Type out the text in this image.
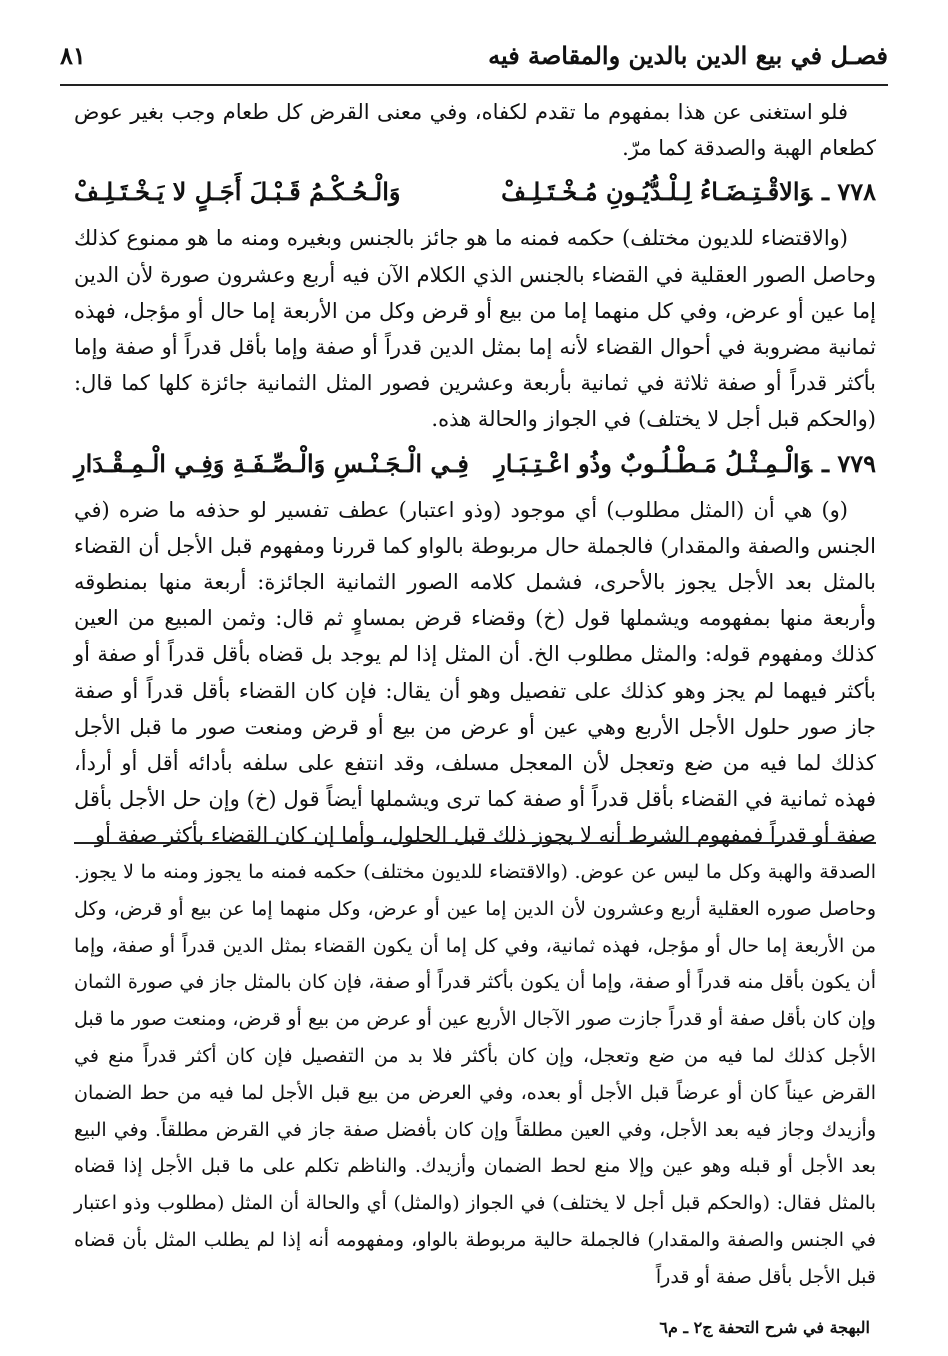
فصـل في بيع الدين بالدين والمقاصة فيه
٨١

فلو استغنى عن هذا بمفهوم ما تقدم لكفاه، وفي معنى القرض كل طعام وجب بغير عوض كطعام الهبة والصدقة كما مرّ.

٧٧٨ ـوَالاقْـتِـضَـاءُ لِـلْـدُّيُـونِ مُـخْـتَـلِـفْ
وَالْـحُـكْـمُ قَـبْـلَ أَجَـلٍ لا يَـخْـتَـلِـفْ

(والاقتضاء للديون مختلف) حكمه فمنه ما هو جائز بالجنس وبغيره ومنه ما هو ممنوع كذلك وحاصل الصور العقلية في القضاء بالجنس الذي الكلام الآن فيه أربع وعشرون صورة لأن الدين إما عين أو عرض، وفي كل منهما إما من بيع أو قرض وكل من الأربعة إما حال أو مؤجل، فهذه ثمانية مضروبة في أحوال القضاء لأنه إما بمثل الدين قدراً أو صفة وإما بأقل قدراً أو صفة وإما بأكثر قدراً أو صفة ثلاثة في ثمانية بأربعة وعشرين فصور المثل الثمانية جائزة كلها كما قال: (والحكم قبل أجل لا يختلف) في الجواز والحالة هذه.

٧٧٩ ـوَالْـمِـثْـلُ مَـطْـلُـوبٌ وذُو اعْـتِـبَـارِ
فِـي الْـجَـنْـسِ وَالْـصِّـفَـةِ وَفِـي الْـمِـقْـدَارِ

(و) هي أن (المثل مطلوب) أي موجود (وذو اعتبار) عطف تفسير لو حذفه ما ضره (في الجنس والصفة والمقدار) فالجملة حال مربوطة بالواو كما قررنا ومفهوم قبل الأجل أن القضاء بالمثل بعد الأجل يجوز بالأحرى، فشمل كلامه الصور الثمانية الجائزة: أربعة منها بمنطوقه وأربعة منها بمفهومه ويشملها قول (خ) وقضاء قرض بمساوٍ ثم قال: وثمن المبيع من العين كذلك ومفهوم قوله: والمثل مطلوب الخ. أن المثل إذا لم يوجد بل قضاه بأقل قدراً أو صفة أو بأكثر فيهما لم يجز وهو كذلك على تفصيل وهو أن يقال: فإن كان القضاء بأقل قدراً أو صفة جاز صور حلول الأجل الأربع وهي عين أو عرض من بيع أو قرض ومنعت صور ما قبل الأجل كذلك لما فيه من ضع وتعجل لأن المعجل مسلف، وقد انتفع على سلفه بأدائه أقل أو أردأ، فهذه ثمانية في القضاء بأقل قدراً أو صفة كما ترى ويشملها أيضاً قول (خ) وإن حل الأجل بأقل صفة أو قدراً فمفهوم الشرط أنه لا يجوز ذلك قبل الحلول، وأما إن كان القضاء بأكثر صفة أو

الصدقة والهبة وكل ما ليس عن عوض. (والاقتضاء للديون مختلف) حكمه فمنه ما يجوز ومنه ما لا يجوز. وحاصل صوره العقلية أربع وعشرون لأن الدين إما عين أو عرض، وكل منهما إما عن بيع أو قرض، وكل من الأربعة إما حال أو مؤجل، فهذه ثمانية، وفي كل إما أن يكون القضاء بمثل الدين قدراً أو صفة، وإما أن يكون بأقل منه قدراً أو صفة، وإما أن يكون بأكثر قدراً أو صفة، فإن كان بالمثل جاز في صورة الثمان وإن كان بأقل صفة أو قدراً جازت صور الآجال الأربع عين أو عرض من بيع أو قرض، ومنعت صور ما قبل الأجل كذلك لما فيه من ضع وتعجل، وإن كان بأكثر فلا بد من التفصيل فإن كان أكثر قدراً منع في القرض عيناً كان أو عرضاً قبل الأجل أو بعده، وفي العرض من بيع قبل الأجل لما فيه من حط الضمان وأزيدك وجاز فيه بعد الأجل، وفي العين مطلقاً وإن كان بأفضل صفة جاز في القرض مطلقاً. وفي البيع بعد الأجل أو قبله وهو عين وإلا منع لحط الضمان وأزيدك. والناظم تكلم على ما قبل الأجل إذا قضاه بالمثل فقال: (والحكم قبل أجل لا يختلف) في الجواز (والمثل) أي والحالة أن المثل (مطلوب وذو اعتبار في الجنس والصفة والمقدار) فالجملة حالية مربوطة بالواو، ومفهومه أنه إذا لم يطلب المثل بأن قضاه قبل الأجل بأقل صفة أو قدراً

البهجة في شرح التحفة ج٢ ـ م٦
